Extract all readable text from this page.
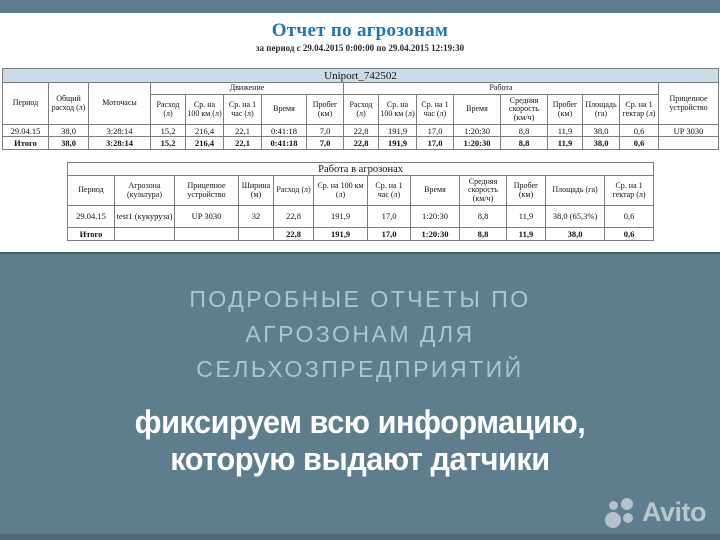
Отчет по агрозонам
за период с 29.04.2015 0:00:00 по 29.04.2015 12:19:30
Uniport_742502																
Период	Общий расход (л)	Моточасы	Движение					Работа								Прицепное устройство
			Расход (л)	Ср. на 100 км (л)	Ср. на 1 час (л)	Время	Пробег (км)	Расход (л)	Ср. на 100 км (л)	Ср. на 1 час (л)	Время	Средняя скорость (км/ч)	Пробег (км)	Площадь (га)	Ср. на 1 гектар (л)	
29.04.15	38,0	3:28:14	15,2	216,4	22,1	0:41:18	7,0	22,8	191,9	17,0	1:20:30	8,8	11,9	38,0	0,6	UP 3030
Итого	38,0	3:28:14	15,2	216,4	22,1	0:41:18	7,0	22,8	191,9	17,0	1:20:30	8,8	11,9	38,0	0,6	
Работа в агрозонах											
Период	Агрозона (культура)	Прицепное устройство	Ширина (м)	Расход (л)	Ср. на 100 км (л)	Ср. на 1 час (л)	Время	Средняя скорость (км/ч)	Пробег (км)	Площадь (га)	Ср. на 1 гектар (л)
29.04.15	test1 (кукуруза)	UP 3030	32	22,8	191,9	17,0	1:20:30	8,8	11,9	38,0 (65,3%)	0,6
Итого				22,8	191,9	17,0	1:20:30	8,8	11,9	38,0	0,6
ПОДРОБНЫЕ ОТЧЕТЫ ПО
АГРОЗОНАМ ДЛЯ
СЕЛЬХОЗПРЕДПРИЯТИЙ
фиксируем всю информацию,
которую выдают датчики
Avito
